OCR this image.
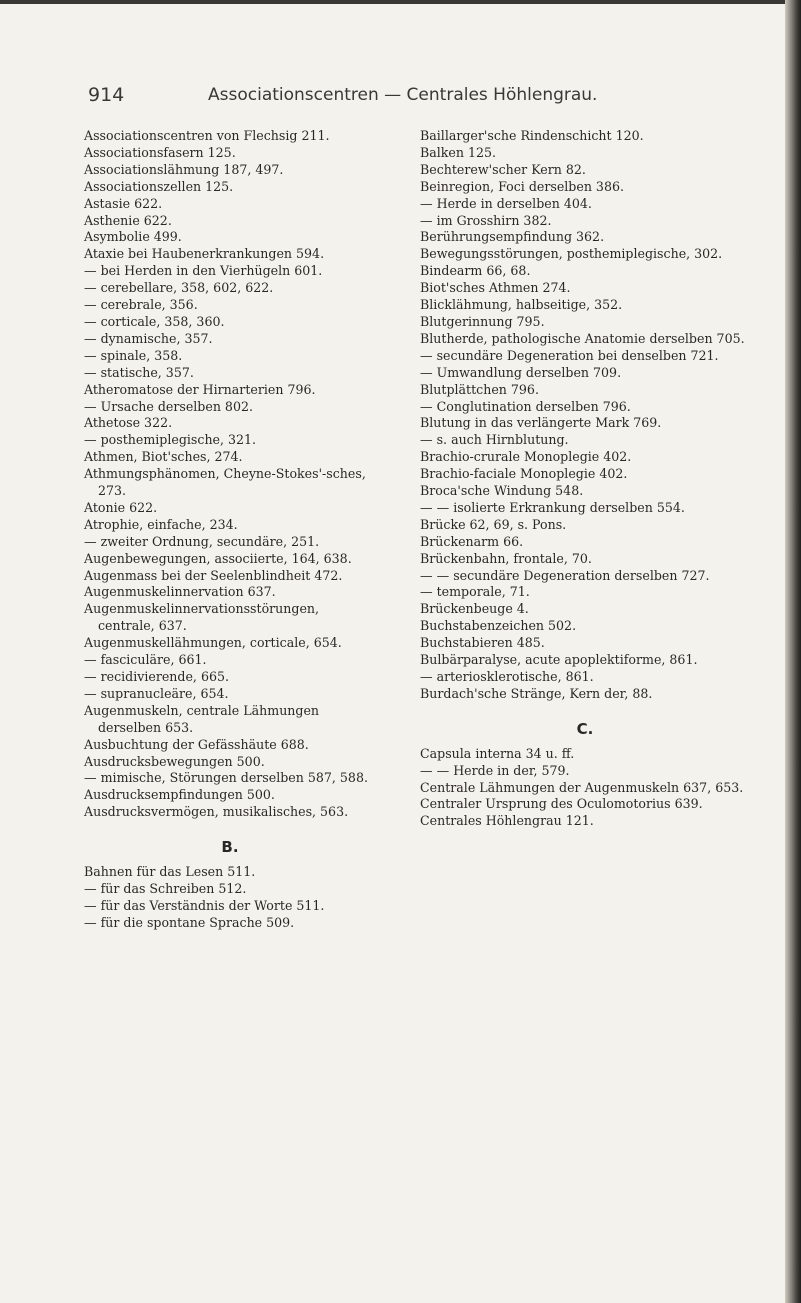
914	Associationscentren — Centrales Höhlengrau.
Associationscentren von Flechsig 211.
Associationsfasern 125.
Associationslähmung 187, 497.
Associationszellen 125.
Astasie 622.
Asthenie 622.
Asymbolie 499.
Ataxie bei Haubenerkrankungen 594.
— bei Herden in den Vierhügeln 601.
— cerebellare, 358, 602, 622.
— cerebrale, 356.
— corticale, 358, 360.
— dynamische, 357.
— spinale, 358.
— statische, 357.
Atheromatose der Hirnarterien 796.
— Ursache derselben 802.
Athetose 322.
— posthemiplegische, 321.
Athmen, Biot'sches, 274.
Athmungsphänomen, Cheyne-Stokes'-sches, 273.
Atonie 622.
Atrophie, einfache, 234.
— zweiter Ordnung, secundäre, 251.
Augenbewegungen, associierte, 164, 638.
Augenmass bei der Seelenblindheit 472.
Augenmuskelinnervation 637.
Augenmuskelinnervationsstörungen, centrale, 637.
Augenmuskellähmungen, corticale, 654.
— fasciculäre, 661.
— recidivierende, 665.
— supranucleäre, 654.
Augenmuskeln, centrale Lähmungen derselben 653.
Ausbuchtung der Gefässhäute 688.
Ausdrucksbewegungen 500.
— mimische, Störungen derselben 587, 588.
Ausdrucksempfindungen 500.
Ausdrucksvermögen, musikalisches, 563.
B.
Bahnen für das Lesen 511.
— für das Schreiben 512.
— für das Verständnis der Worte 511.
— für die spontane Sprache 509.
Baillarger'sche Rindenschicht 120.
Balken 125.
Bechterew'scher Kern 82.
Beinregion, Foci derselben 386.
— Herde in derselben 404.
— im Grosshirn 382.
Berührungsempfindung 362.
Bewegungsstörungen, posthemiplegische, 302.
Bindearm 66, 68.
Biot'sches Athmen 274.
Blicklähmung, halbseitige, 352.
Blutgerinnung 795.
Blutherde, pathologische Anatomie derselben 705.
— secundäre Degeneration bei denselben 721.
— Umwandlung derselben 709.
Blutplättchen 796.
— Conglutination derselben 796.
Blutung in das verlängerte Mark 769.
— s. auch Hirnblutung.
Brachio-crurale Monoplegie 402.
Brachio-faciale Monoplegie 402.
Broca'sche Windung 548.
— — isolierte Erkrankung derselben 554.
Brücke 62, 69, s. Pons.
Brückenarm 66.
Brückenbahn, frontale, 70.
— — secundäre Degeneration derselben 727.
— temporale, 71.
Brückenbeuge 4.
Buchstabenzeichen 502.
Buchstabieren 485.
Bulbärparalyse, acute apoplektiforme, 861.
— arteriosklerotische, 861.
Burdach'sche Stränge, Kern der, 88.
C.
Capsula interna 34 u. ff.
— — Herde in der, 579.
Centrale Lähmungen der Augenmuskeln 637, 653.
Centraler Ursprung des Oculomotorius 639.
Centrales Höhlengrau 121.
